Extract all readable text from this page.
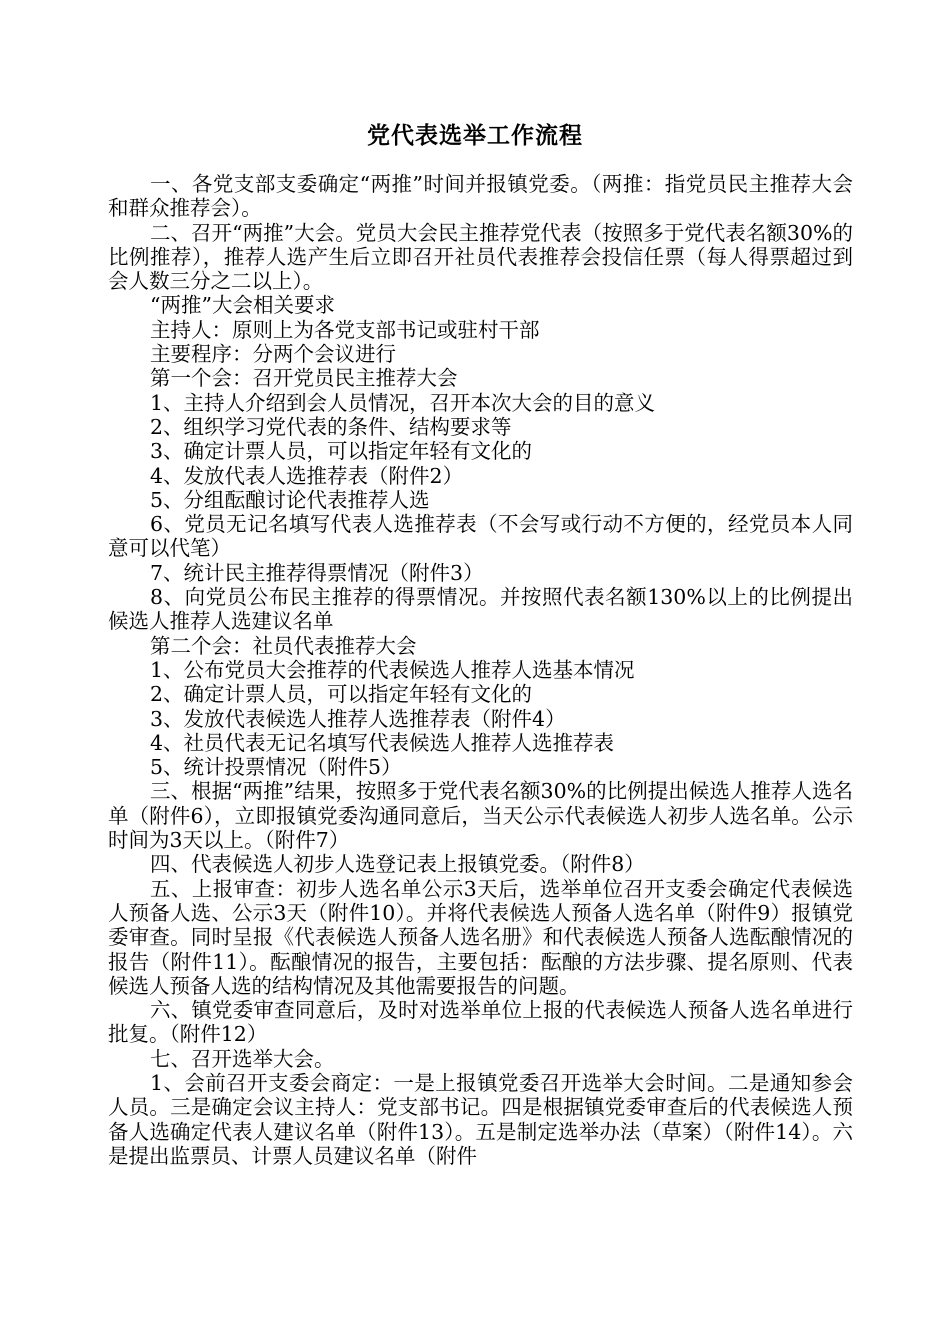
党代表选举工作流程

一、各党支部支委确定“两推”时间并报镇党委。（两推：指党员民主推荐大会和群众推荐会）。

二、召开“两推”大会。党员大会民主推荐党代表（按照多于党代表名额30%的比例推荐），推荐人选产生后立即召开社员代表推荐会投信任票（每人得票超过到会人数三分之二以上）。

“两推”大会相关要求

主持人：原则上为各党支部书记或驻村干部

主要程序：分两个会议进行

第一个会：召开党员民主推荐大会

1、主持人介绍到会人员情况，召开本次大会的目的意义

2、组织学习党代表的条件、结构要求等

3、确定计票人员，可以指定年轻有文化的

4、发放代表人选推荐表（附件2）

5、分组酝酿讨论代表推荐人选

6、党员无记名填写代表人选推荐表（不会写或行动不方便的，经党员本人同意可以代笔）

7、统计民主推荐得票情况（附件3）

8、向党员公布民主推荐的得票情况。并按照代表名额130%以上的比例提出候选人推荐人选建议名单

第二个会：社员代表推荐大会

1、公布党员大会推荐的代表候选人推荐人选基本情况

2、确定计票人员，可以指定年轻有文化的

3、发放代表候选人推荐人选推荐表（附件4）

4、社员代表无记名填写代表候选人推荐人选推荐表

5、统计投票情况（附件5）

三、根据“两推”结果，按照多于党代表名额30%的比例提出候选人推荐人选名单（附件6），立即报镇党委沟通同意后，当天公示代表候选人初步人选名单。公示时间为3天以上。（附件7）

四、代表候选人初步人选登记表上报镇党委。（附件8）

五、上报审查：初步人选名单公示3天后，选举单位召开支委会确定代表候选人预备人选、公示3天（附件10）。并将代表候选人预备人选名单（附件9）报镇党委审查。同时呈报《代表候选人预备人选名册》和代表候选人预备人选酝酿情况的报告（附件11）。酝酿情况的报告，主要包括：酝酿的方法步骤、提名原则、代表候选人预备人选的结构情况及其他需要报告的问题。

六、镇党委审查同意后，及时对选举单位上报的代表候选人预备人选名单进行批复。（附件12）

七、召开选举大会。

1、会前召开支委会商定：一是上报镇党委召开选举大会时间。二是通知参会人员。三是确定会议主持人：党支部书记。四是根据镇党委审查后的代表候选人预备人选确定代表人建议名单（附件13）。五是制定选举办法（草案）（附件14）。六是提出监票员、计票人员建议名单（附件
